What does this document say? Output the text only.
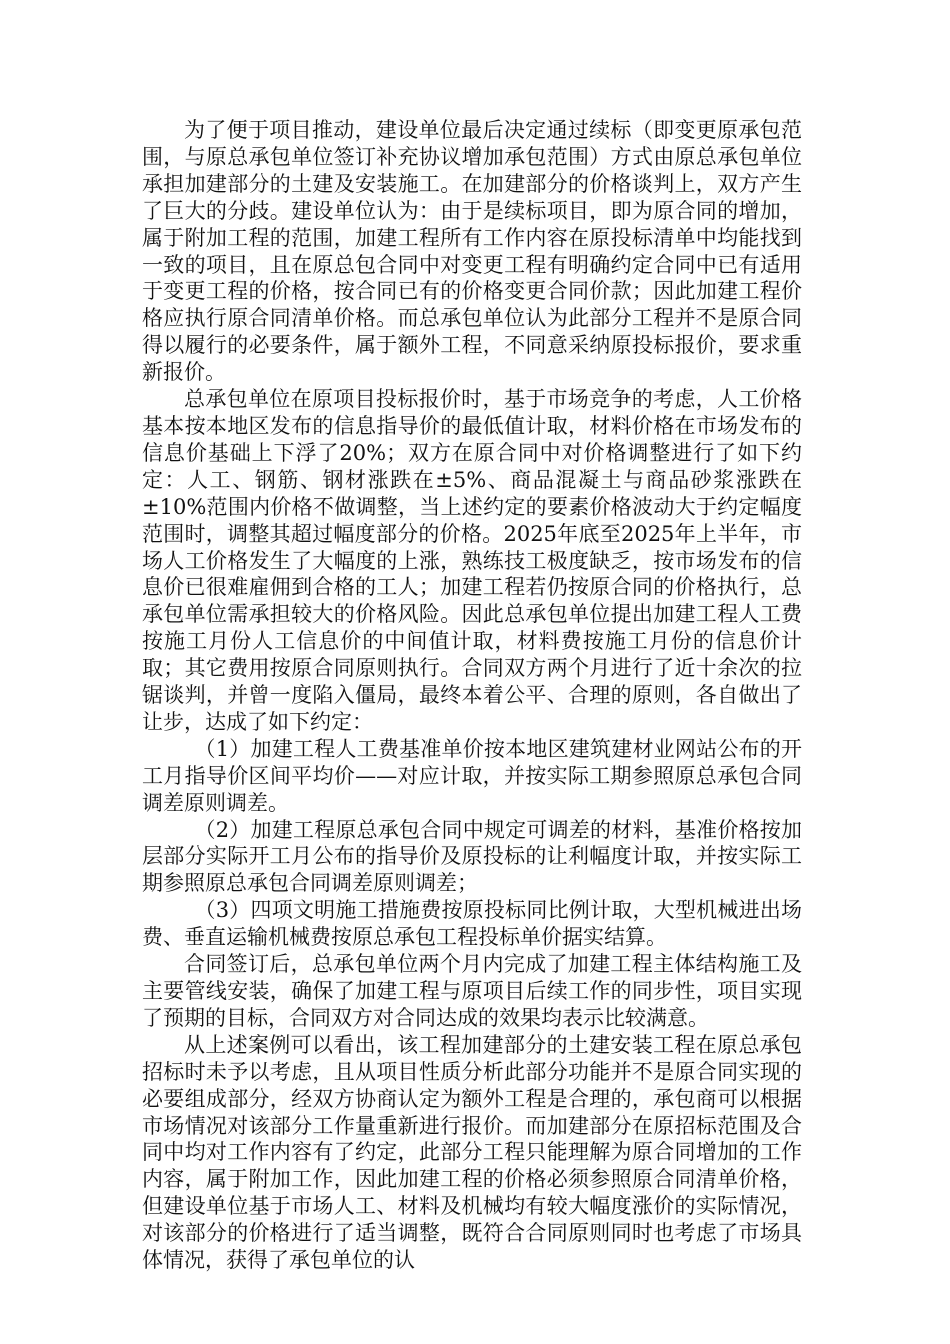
为了便于项目推动，建设单位最后决定通过续标（即变更原承包范围，与原总承包单位签订补充协议增加承包范围）方式由原总承包单位承担加建部分的土建及安装施工。在加建部分的价格谈判上，双方产生了巨大的分歧。建设单位认为：由于是续标项目，即为原合同的增加，属于附加工程的范围，加建工程所有工作内容在原投标清单中均能找到一致的项目，且在原总包合同中对变更工程有明确约定合同中已有适用于变更工程的价格，按合同已有的价格变更合同价款；因此加建工程价格应执行原合同清单价格。而总承包单位认为此部分工程并不是原合同得以履行的必要条件，属于额外工程，不同意采纳原投标报价，要求重新报价。

总承包单位在原项目投标报价时，基于市场竞争的考虑，人工价格基本按本地区发布的信息指导价的最低值计取，材料价格在市场发布的信息价基础上下浮了20%；双方在原合同中对价格调整进行了如下约定：人工、钢筋、钢材涨跌在±5%、商品混凝土与商品砂浆涨跌在±10%范围内价格不做调整，当上述约定的要素价格波动大于约定幅度范围时，调整其超过幅度部分的价格。2025年底至2025年上半年，市场人工价格发生了大幅度的上涨，熟练技工极度缺乏，按市场发布的信息价已很难雇佣到合格的工人；加建工程若仍按原合同的价格执行，总承包单位需承担较大的价格风险。因此总承包单位提出加建工程人工费按施工月份人工信息价的中间值计取，材料费按施工月份的信息价计取；其它费用按原合同原则执行。合同双方两个月进行了近十余次的拉锯谈判，并曾一度陷入僵局，最终本着公平、合理的原则，各自做出了让步，达成了如下约定：

（1）加建工程人工费基准单价按本地区建筑建材业网站公布的开工月指导价区间平均价——对应计取，并按实际工期参照原总承包合同调差原则调差。

（2）加建工程原总承包合同中规定可调差的材料，基准价格按加层部分实际开工月公布的指导价及原投标的让利幅度计取，并按实际工期参照原总承包合同调差原则调差；

（3）四项文明施工措施费按原投标同比例计取，大型机械进出场费、垂直运输机械费按原总承包工程投标单价据实结算。

合同签订后，总承包单位两个月内完成了加建工程主体结构施工及主要管线安装，确保了加建工程与原项目后续工作的同步性，项目实现了预期的目标，合同双方对合同达成的效果均表示比较满意。

从上述案例可以看出，该工程加建部分的土建安装工程在原总承包招标时未予以考虑，且从项目性质分析此部分功能并不是原合同实现的必要组成部分，经双方协商认定为额外工程是合理的，承包商可以根据市场情况对该部分工作量重新进行报价。而加建部分在原招标范围及合同中均对工作内容有了约定，此部分工程只能理解为原合同增加的工作内容，属于附加工作，因此加建工程的价格必须参照原合同清单价格，但建设单位基于市场人工、材料及机械均有较大幅度涨价的实际情况，对该部分的价格进行了适当调整，既符合合同原则同时也考虑了市场具体情况，获得了承包单位的认
